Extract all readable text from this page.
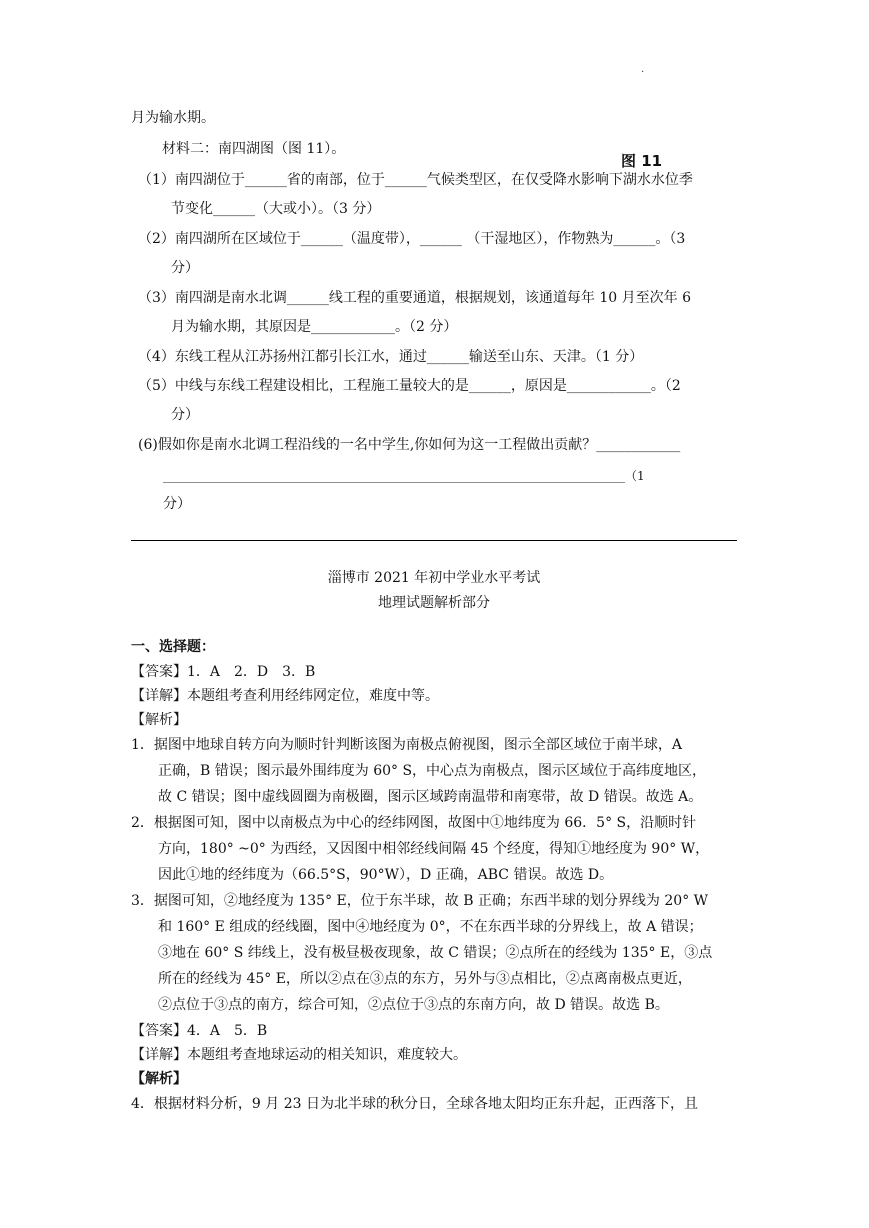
.
月为输水期。
材料二：南四湖图（图 11）。
图 11
（1）南四湖位于______省的南部，位于______气候类型区，在仅受降水影响下湖水水位季
节变化______（大或小）。（3 分）
（2）南四湖所在区域位于______（温度带），______ （干湿地区），作物熟为______。（3
分）
（3）南四湖是南水北调______线工程的重要通道，根据规划，该通道每年 10 月至次年 6
月为输水期，其原因是____________。（2 分）
（4）东线工程从江苏扬州江都引长江水，通过______输送至山东、天津。（1 分）
（5）中线与东线工程建设相比，工程施工量较大的是______，原因是____________。（2
分）
(6)假如你是南水北调工程沿线的一名中学生,你如何为这一工程做出贡献？____________
_____________________________________________________________________________（1
分）
淄博市 2021 年初中学业水平考试
地理试题解析部分
一、选择题：
【答案】1．A　2．D　3．B
【详解】本题组考查利用经纬网定位，难度中等。
【解析】
1．据图中地球自转方向为顺时针判断该图为南极点俯视图，图示全部区域位于南半球，A
正确，B 错误；图示最外围纬度为 60° S，中心点为南极点，图示区域位于高纬度地区，
故 C 错误；图中虚线圆圈为南极圈，图示区域跨南温带和南寒带，故 D 错误。故选 A。
2．根据图可知，图中以南极点为中心的经纬网图，故图中①地纬度为 66．5° S，沿顺时针
方向，180° ~0° 为西经，又因图中相邻经线间隔 45 个经度，得知①地经度为 90° W，
因此①地的经纬度为（66.5°S，90°W），D 正确，ABC 错误。故选 D。
3．据图可知，②地经度为 135° E，位于东半球，故 B 正确；东西半球的划分界线为 20° W
和 160° E 组成的经线圈，图中④地经度为 0°，不在东西半球的分界线上，故 A 错误；
③地在 60° S 纬线上，没有极昼极夜现象，故 C 错误；②点所在的经线为 135° E，③点
所在的经线为 45° E，所以②点在③点的东方，另外与③点相比，②点离南极点更近，
②点位于③点的南方，综合可知，②点位于③点的东南方向，故 D 错误。故选 B。
【答案】4．A　5．B
【详解】本题组考查地球运动的相关知识，难度较大。
【解析】
4．根据材料分析，9 月 23 日为北半球的秋分日，全球各地太阳均正东升起，正西落下，且
